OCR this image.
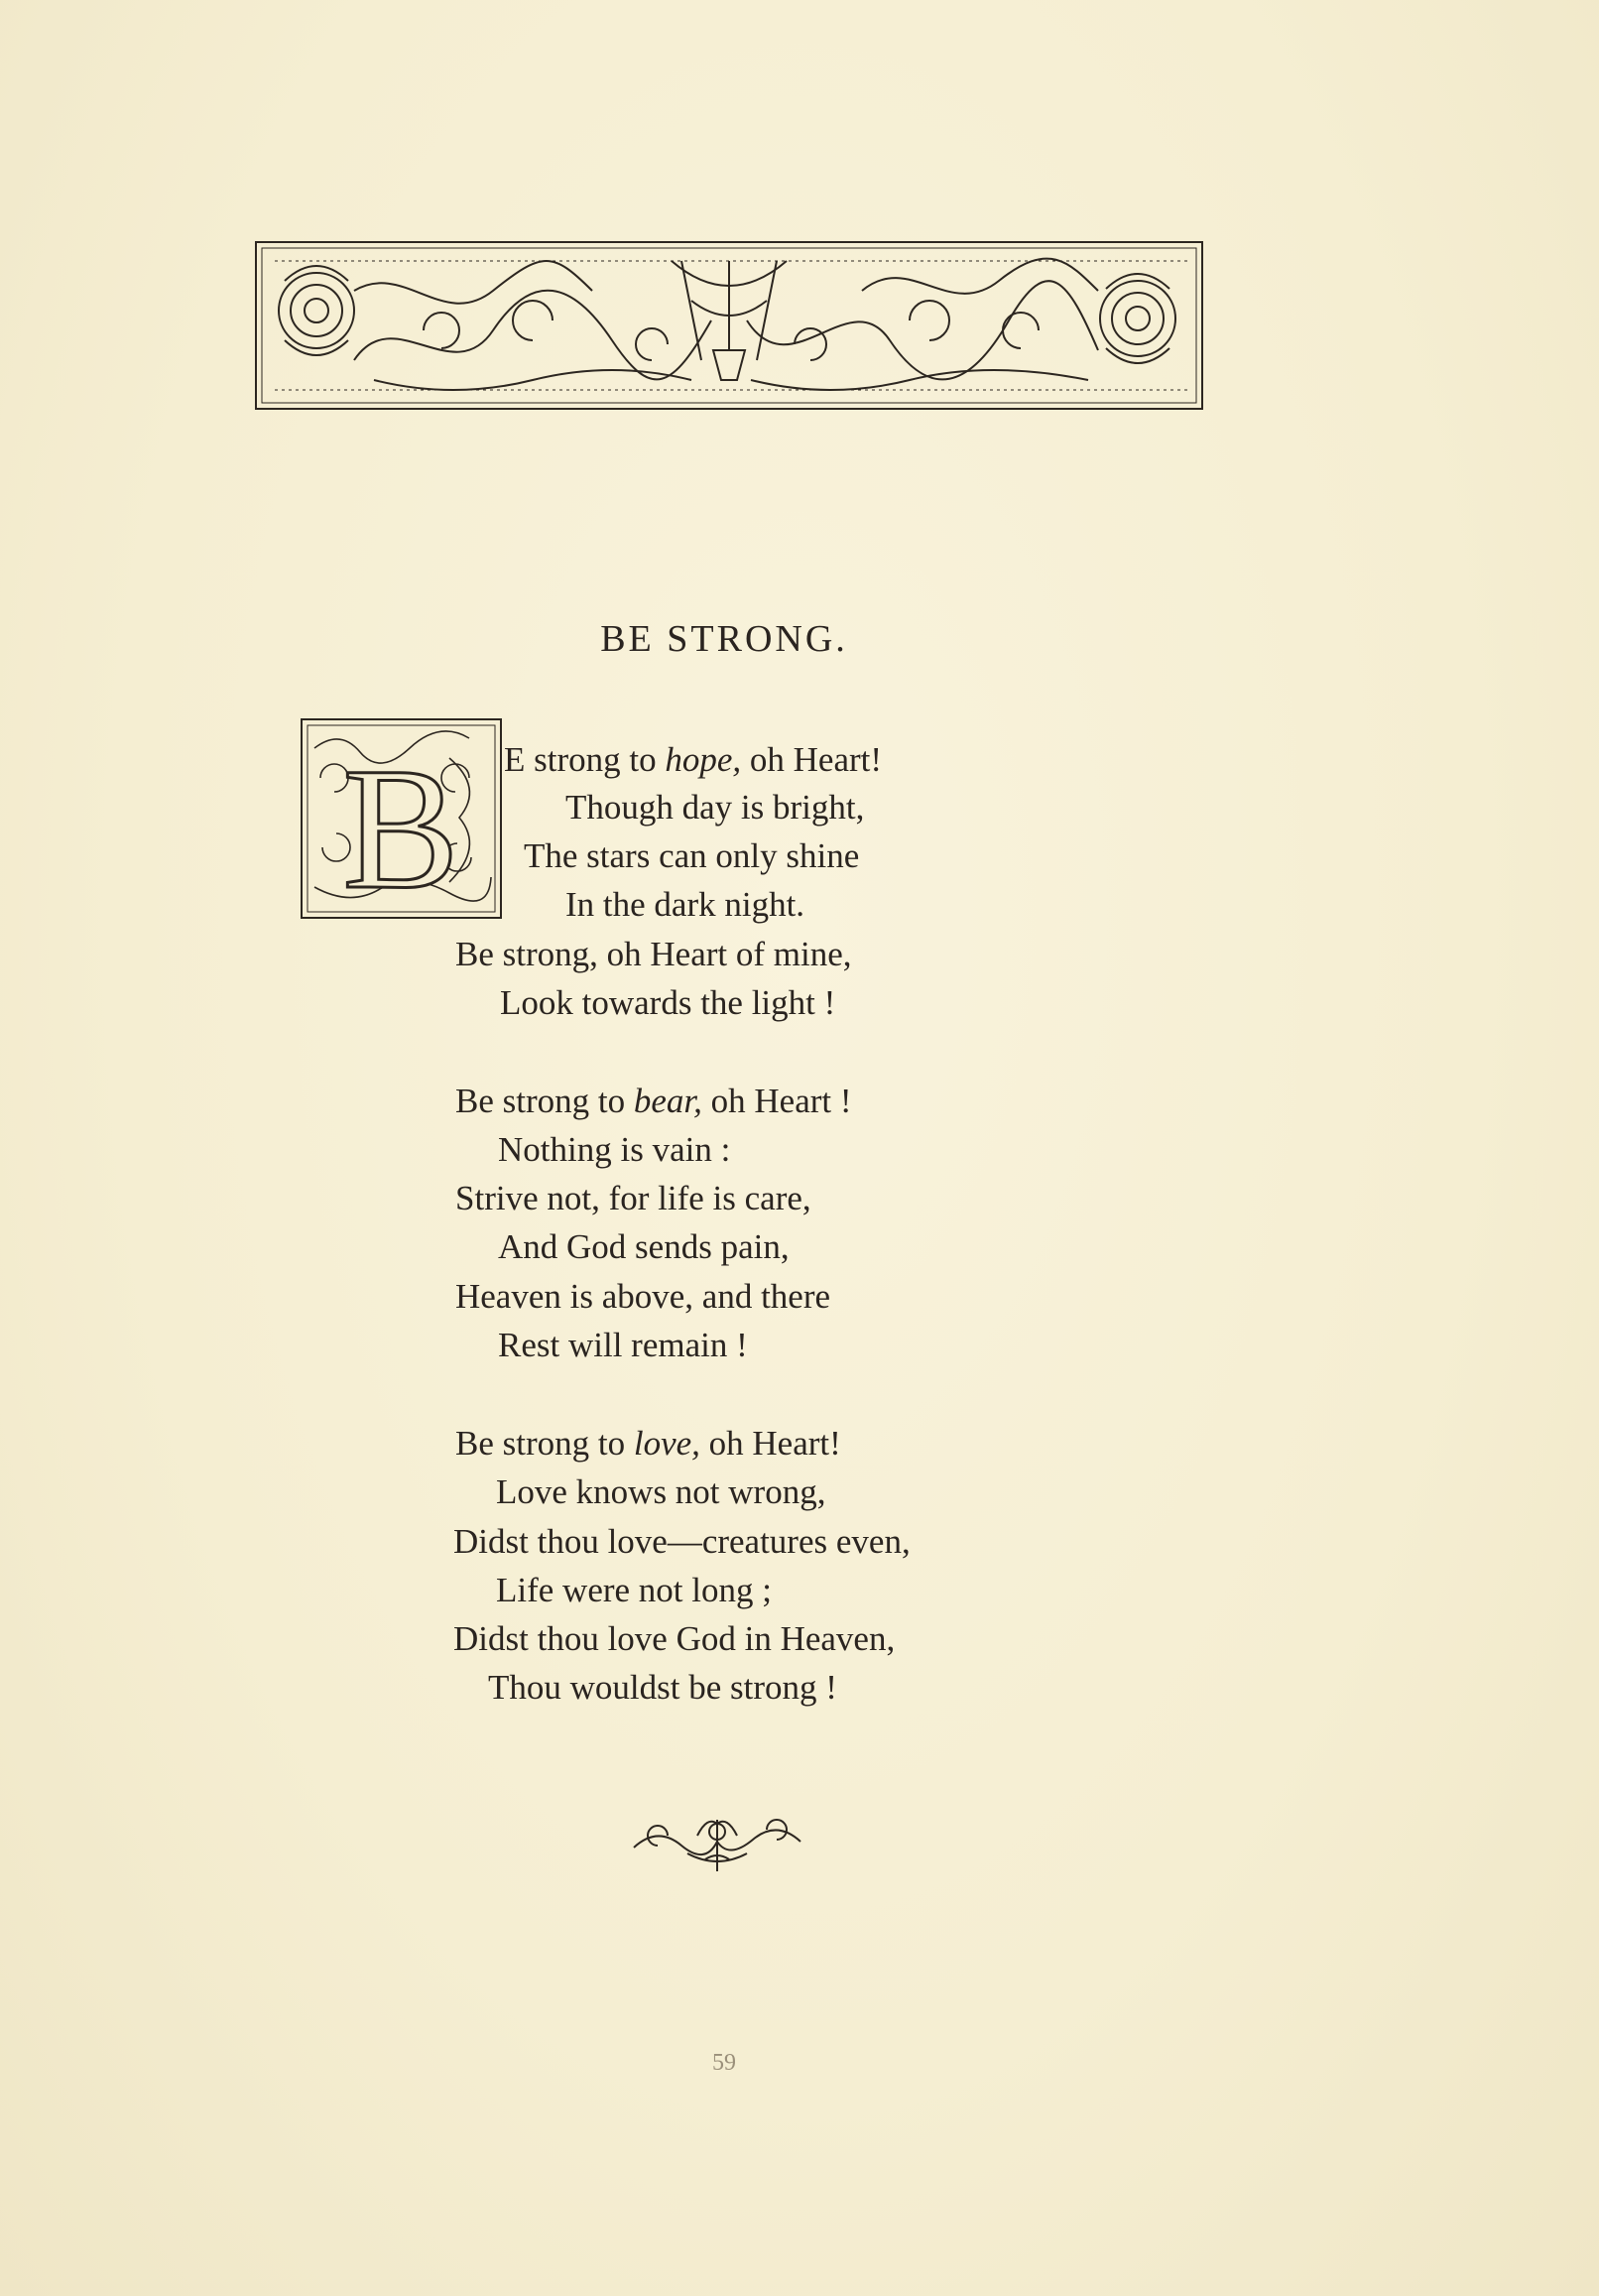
BE STRONG.
B E strong to hope, oh Heart!
Though day is bright,
The stars can only shine
In the dark night.
Be strong, oh Heart of mine,
Look towards the light !
Be strong to bear, oh Heart !
Nothing is vain :
Strive not, for life is care,
And God sends pain,
Heaven is above, and there
Rest will remain !
Be strong to love, oh Heart!
Love knows not wrong,
Didst thou love—creatures even,
Life were not long ;
Didst thou love God in Heaven,
Thou wouldst be strong !
59
